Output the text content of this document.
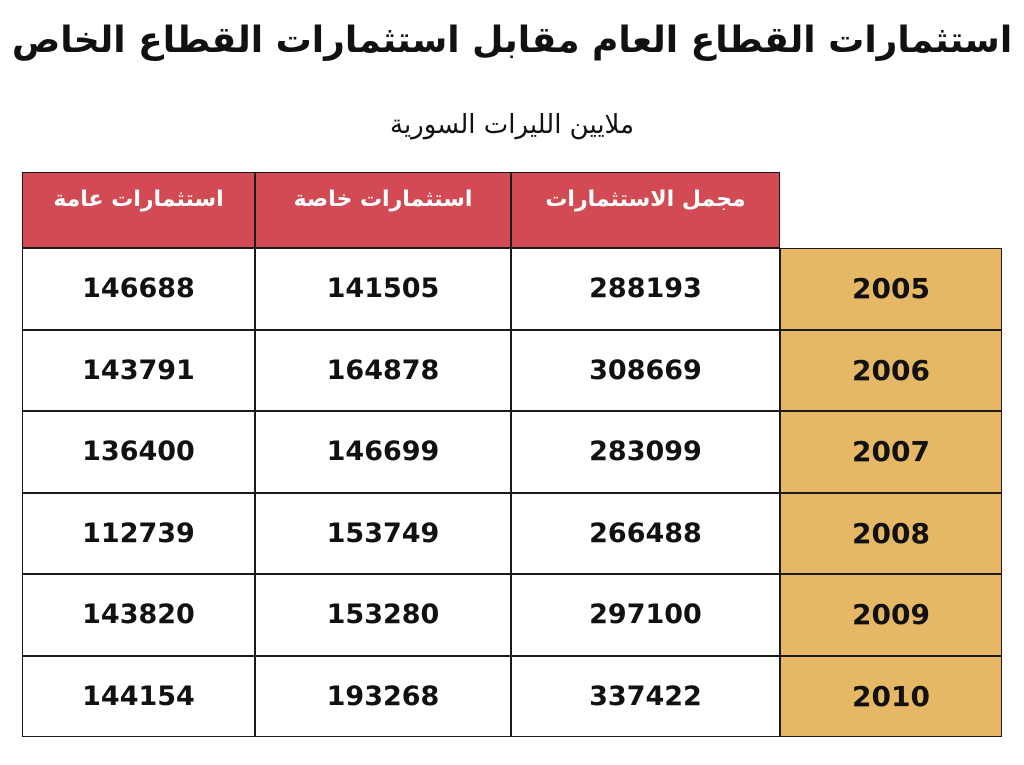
استثمارات القطاع العام مقابل استثمارات القطاع الخاص
ملايين الليرات السورية
استثمارات عامة	استثمارات خاصة	مجمل الاستثمارات
146688	141505	288193	2005
143791	164878	308669	2006
136400	146699	283099	2007
112739	153749	266488	2008
143820	153280	297100	2009
144154	193268	337422	2010
